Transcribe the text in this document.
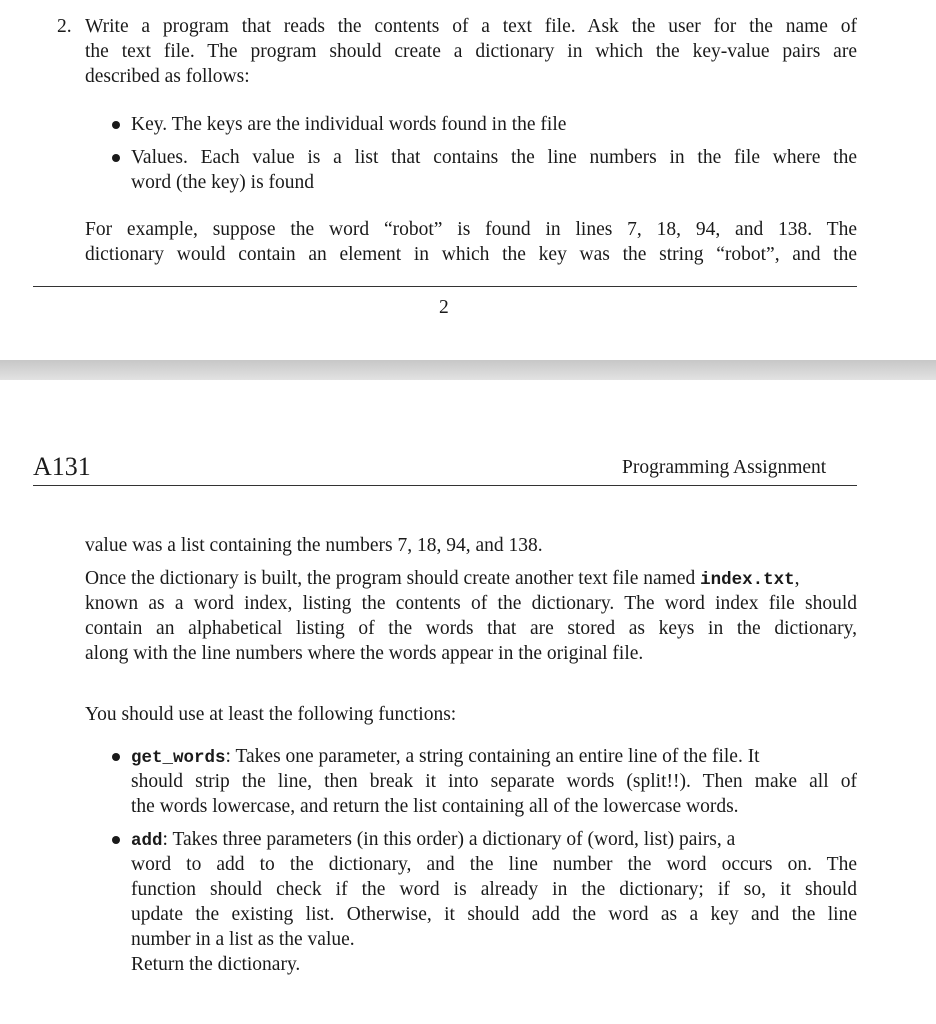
2. Write a program that reads the contents of a text file. Ask the user for the name of

the text file. The program should create a dictionary in which the key-value pairs are

described as follows:

Key. The keys are the individual words found in the file

Values. Each value is a list that contains the line numbers in the file where the

word (the key) is found

For example, suppose the word “robot” is found in lines 7, 18, 94, and 138. The

dictionary would contain an element in which the key was the string “robot”, and the

2

A131	Programming Assignment

value was a list containing the numbers 7, 18, 94, and 138.

Once the dictionary is built, the program should create another text file named index.txt,

known as a word index, listing the contents of the dictionary. The word index file should

contain an alphabetical listing of the words that are stored as keys in the dictionary,

along with the line numbers where the words appear in the original file.

You should use at least the following functions:

get_words: Takes one parameter, a string containing an entire line of the file. It

should strip the line, then break it into separate words (split!!). Then make all of

the words lowercase, and return the list containing all of the lowercase words.

add: Takes three parameters (in this order) a dictionary of (word, list) pairs, a

word to add to the dictionary, and the line number the word occurs on. The

function should check if the word is already in the dictionary; if so, it should

update the existing list. Otherwise, it should add the word as a key and the line

number in a list as the value.

Return the dictionary.
